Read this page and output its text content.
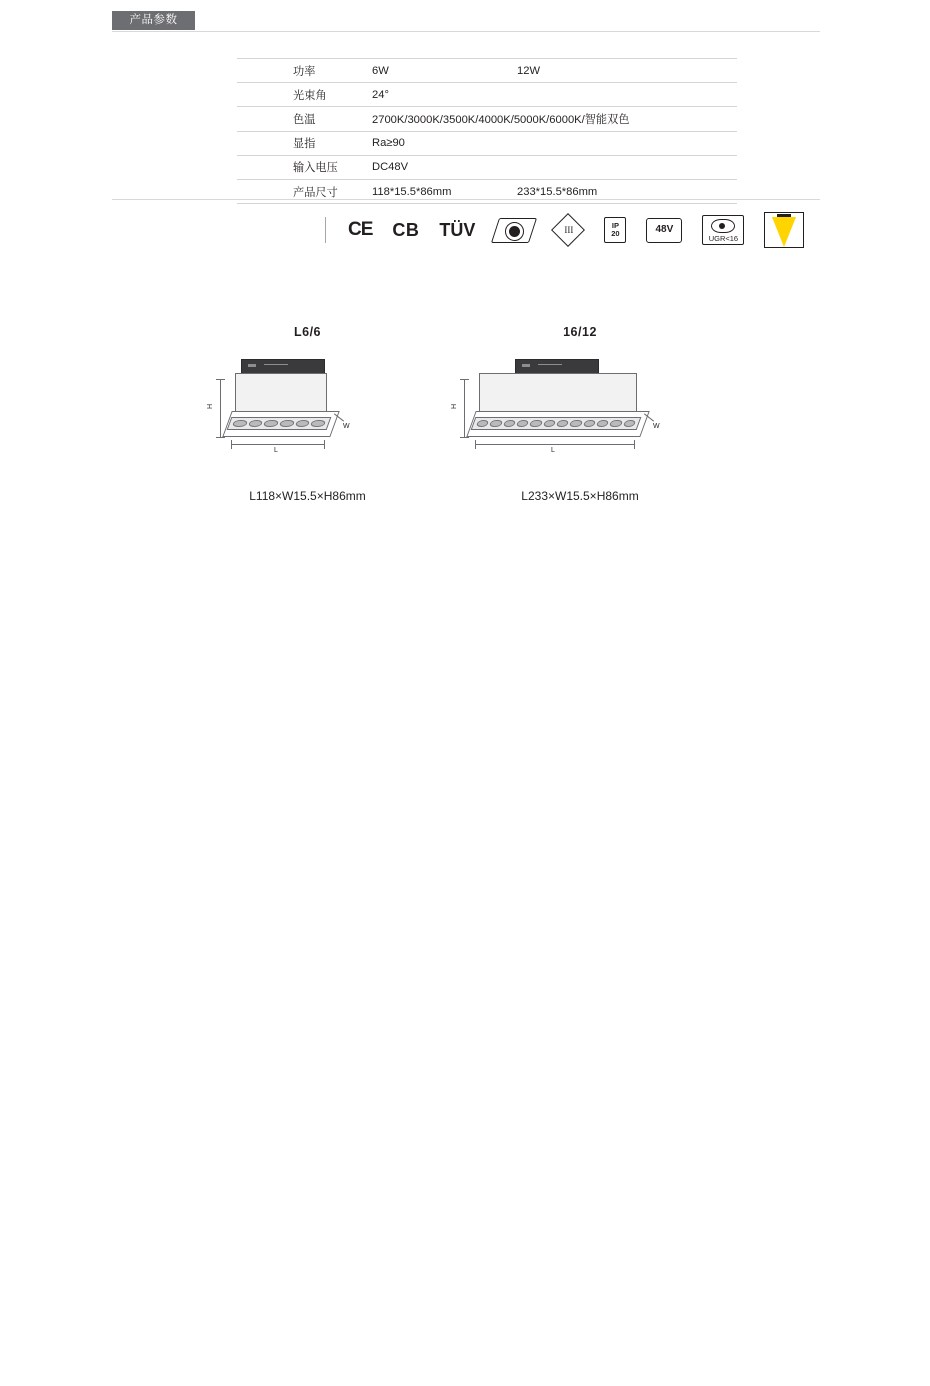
产品参数
功率	6W	12W
光束角	24°
色温	2700K/3000K/3500K/4000K/5000K/6000K/智能双色
显指	Ra≥90
输入电压	DC48V
产品尺寸	118*15.5*86mm	233*15.5*86mm
CE CB TÜV	III	IP
20	48V
UGR<16
L6/6
H
L
W
L118×W15.5×H86mm
16/12
H
L
W
L233×W15.5×H86mm
